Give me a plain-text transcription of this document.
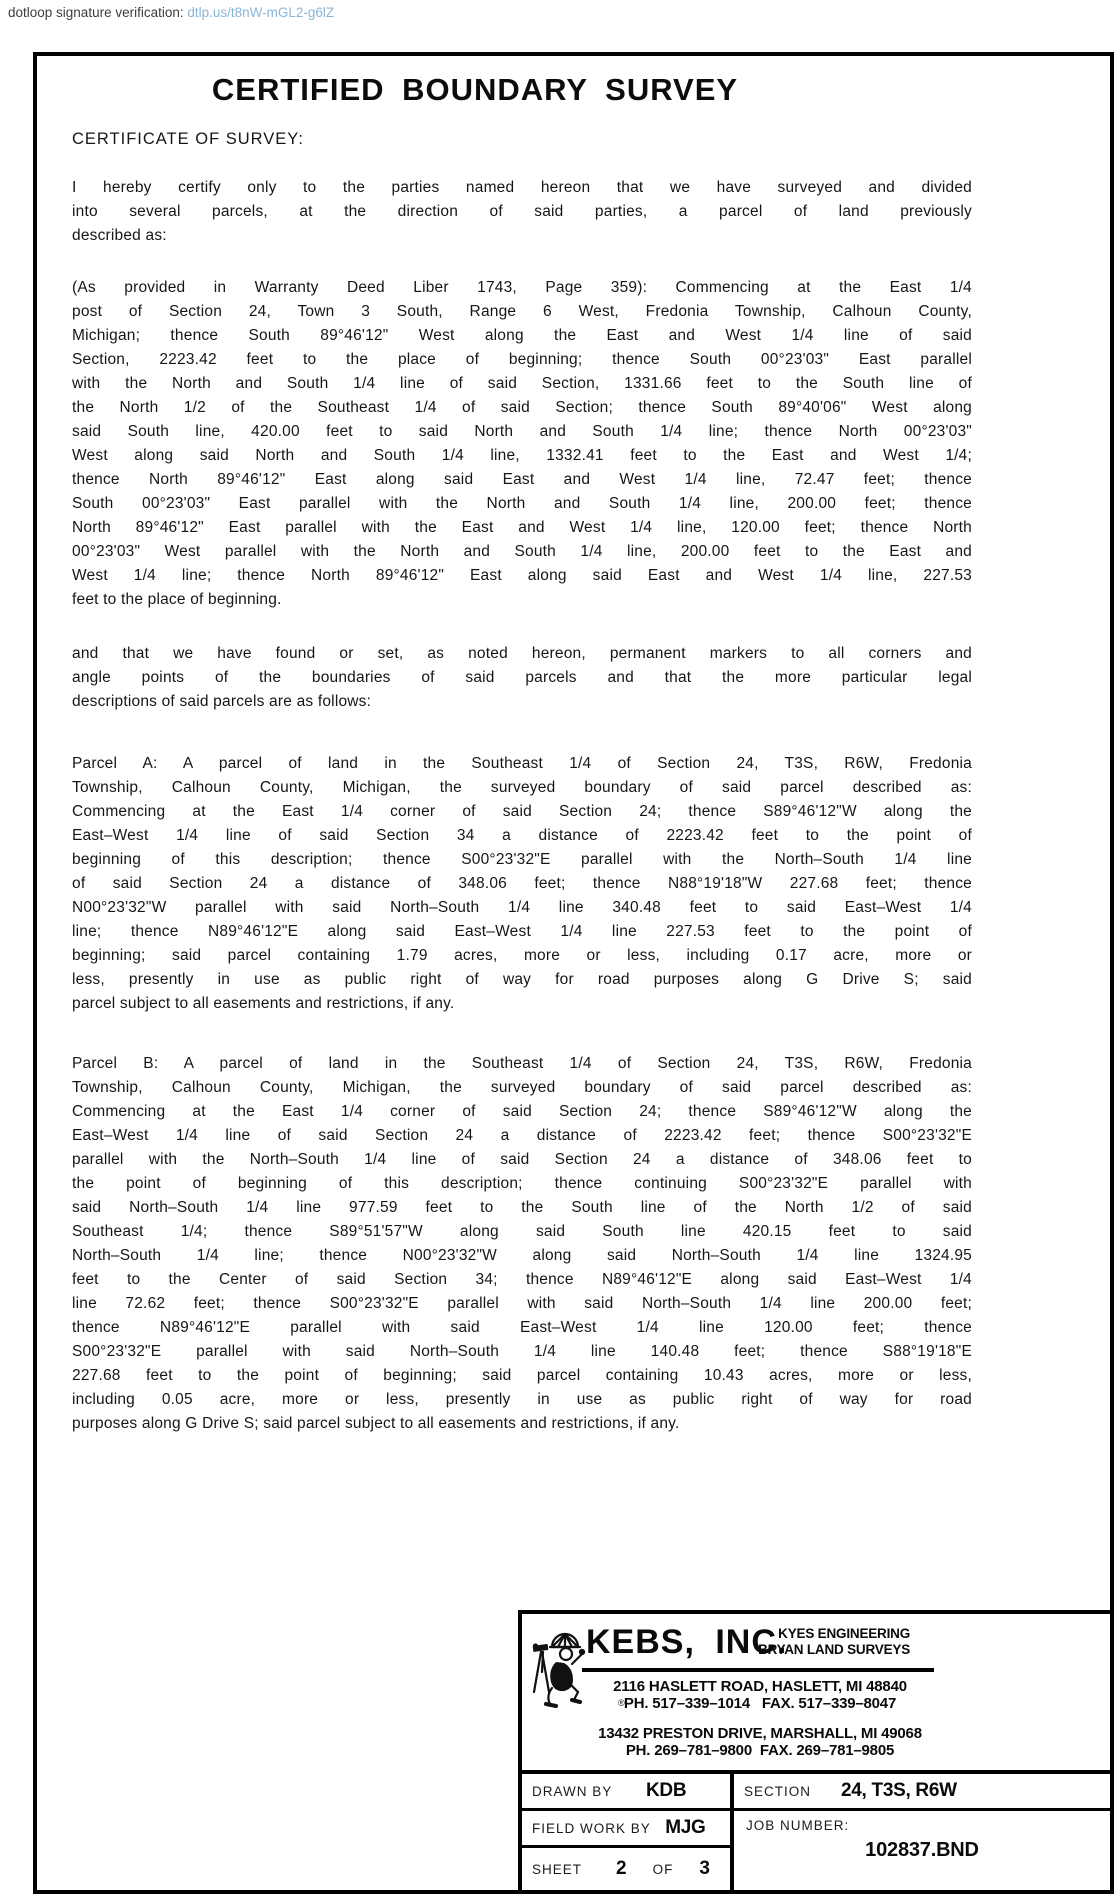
dotloop signature verification: dtlp.us/t8nW-mGL2-g6lZ
CERTIFIED BOUNDARY SURVEY
CERTIFICATE OF SURVEY:
I hereby certify only to the parties named hereon that we have surveyed and divided
into several parcels, at the direction of said parties, a parcel of land previously
described as:
(As provided in Warranty Deed Liber 1743, Page 359): Commencing at the East 1/4
post of Section 24, Town 3 South, Range 6 West, Fredonia Township, Calhoun County,
Michigan; thence South 89°46'12" West along the East and West 1/4 line of said
Section, 2223.42 feet to the place of beginning; thence South 00°23'03" East parallel
with the North and South 1/4 line of said Section, 1331.66 feet to the South line of
the North 1/2 of the Southeast 1/4 of said Section; thence South 89°40'06" West along
said South line, 420.00 feet to said North and South 1/4 line; thence North 00°23'03"
West along said North and South 1/4 line, 1332.41 feet to the East and West 1/4;
thence North 89°46'12" East along said East and West 1/4 line, 72.47 feet; thence
South 00°23'03" East parallel with the North and South 1/4 line, 200.00 feet; thence
North 89°46'12" East parallel with the East and West 1/4 line, 120.00 feet; thence North
00°23'03" West parallel with the North and South 1/4 line, 200.00 feet to the East and
West 1/4 line; thence North 89°46'12" East along said East and West 1/4 line, 227.53
feet to the place of beginning.
and that we have found or set, as noted hereon, permanent markers to all corners and
angle points of the boundaries of said parcels and that the more particular legal
descriptions of said parcels are as follows:
Parcel A: A parcel of land in the Southeast 1/4 of Section 24, T3S, R6W, Fredonia
Township, Calhoun County, Michigan, the surveyed boundary of said parcel described as:
Commencing at the East 1/4 corner of said Section 24; thence S89°46'12"W along the
East–West 1/4 line of said Section 34 a distance of 2223.42 feet to the point of
beginning of this description; thence S00°23'32"E parallel with the North–South 1/4 line
of said Section 24 a distance of 348.06 feet; thence N88°19'18"W 227.68 feet; thence
N00°23'32"W parallel with said North–South 1/4 line 340.48 feet to said East–West 1/4
line; thence N89°46'12"E along said East–West 1/4 line 227.53 feet to the point of
beginning; said parcel containing 1.79 acres, more or less, including 0.17 acre, more or
less, presently in use as public right of way for road purposes along G Drive S; said
parcel subject to all easements and restrictions, if any.
Parcel B: A parcel of land in the Southeast 1/4 of Section 24, T3S, R6W, Fredonia
Township, Calhoun County, Michigan, the surveyed boundary of said parcel described as:
Commencing at the East 1/4 corner of said Section 24; thence S89°46'12"W along the
East–West 1/4 line of said Section 24 a distance of 2223.42 feet; thence S00°23'32"E
parallel with the North–South 1/4 line of said Section 24 a distance of 348.06 feet to
the point of beginning of this description; thence continuing S00°23'32"E parallel with
said North–South 1/4 line 977.59 feet to the South line of the North 1/2 of said
Southeast 1/4; thence S89°51'57"W along said South line 420.15 feet to said
North–South 1/4 line; thence N00°23'32"W along said North–South 1/4 line 1324.95
feet to the Center of said Section 34; thence N89°46'12"E along said East–West 1/4
line 72.62 feet; thence S00°23'32"E parallel with said North–South 1/4 line 200.00 feet;
thence N89°46'12"E parallel with said East–West 1/4 line 120.00 feet; thence
S00°23'32"E parallel with said North–South 1/4 line 140.48 feet; thence S88°19'18"E
227.68 feet to the point of beginning; said parcel containing 10.43 acres, more or less,
including 0.05 acre, more or less, presently in use as public right of way for road
purposes along G Drive S; said parcel subject to all easements and restrictions, if any.
®
KEBS, INC.
KYES ENGINEERING
BRYAN LAND SURVEYS
2116 HASLETT ROAD, HASLETT, MI 48840
PH. 517–339–1014   FAX. 517–339–8047
13432 PRESTON DRIVE, MARSHALL, MI 49068
PH. 269–781–9800  FAX. 269–781–9805
DRAWN BY	KDB
FIELD WORK BY MJG
SHEET 2 OF 3
SECTION	24, T3S, R6W
JOB NUMBER:
102837.BND
